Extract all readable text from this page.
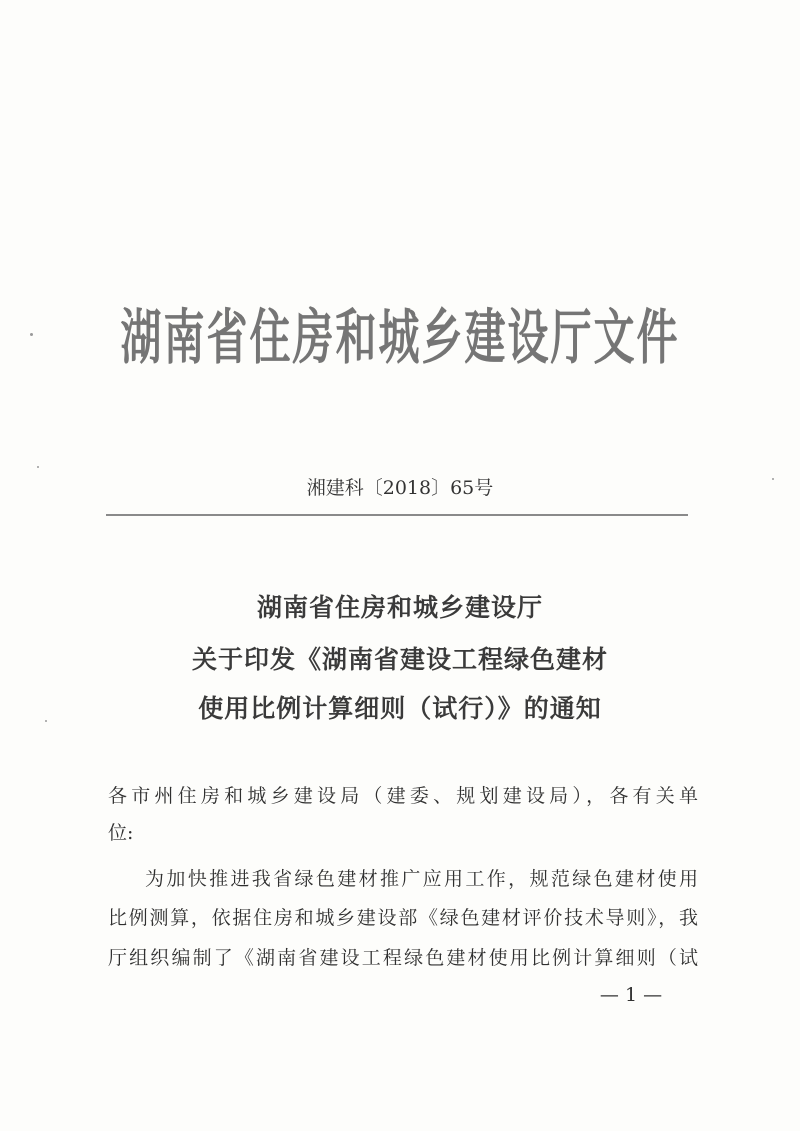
湖南省住房和城乡建设厅文件
湘建科〔2018〕65号
湖南省住房和城乡建设厅
关于印发《湖南省建设工程绿色建材
使用比例计算细则（试行）》的通知
各市州住房和城乡建设局（建委、规划建设局），各有关单
位:
为加快推进我省绿色建材推广应用工作，规范绿色建材使用
比例测算，依据住房和城乡建设部《绿色建材评价技术导则》，我
厅组织编制了《湖南省建设工程绿色建材使用比例计算细则（试
— 1 —
